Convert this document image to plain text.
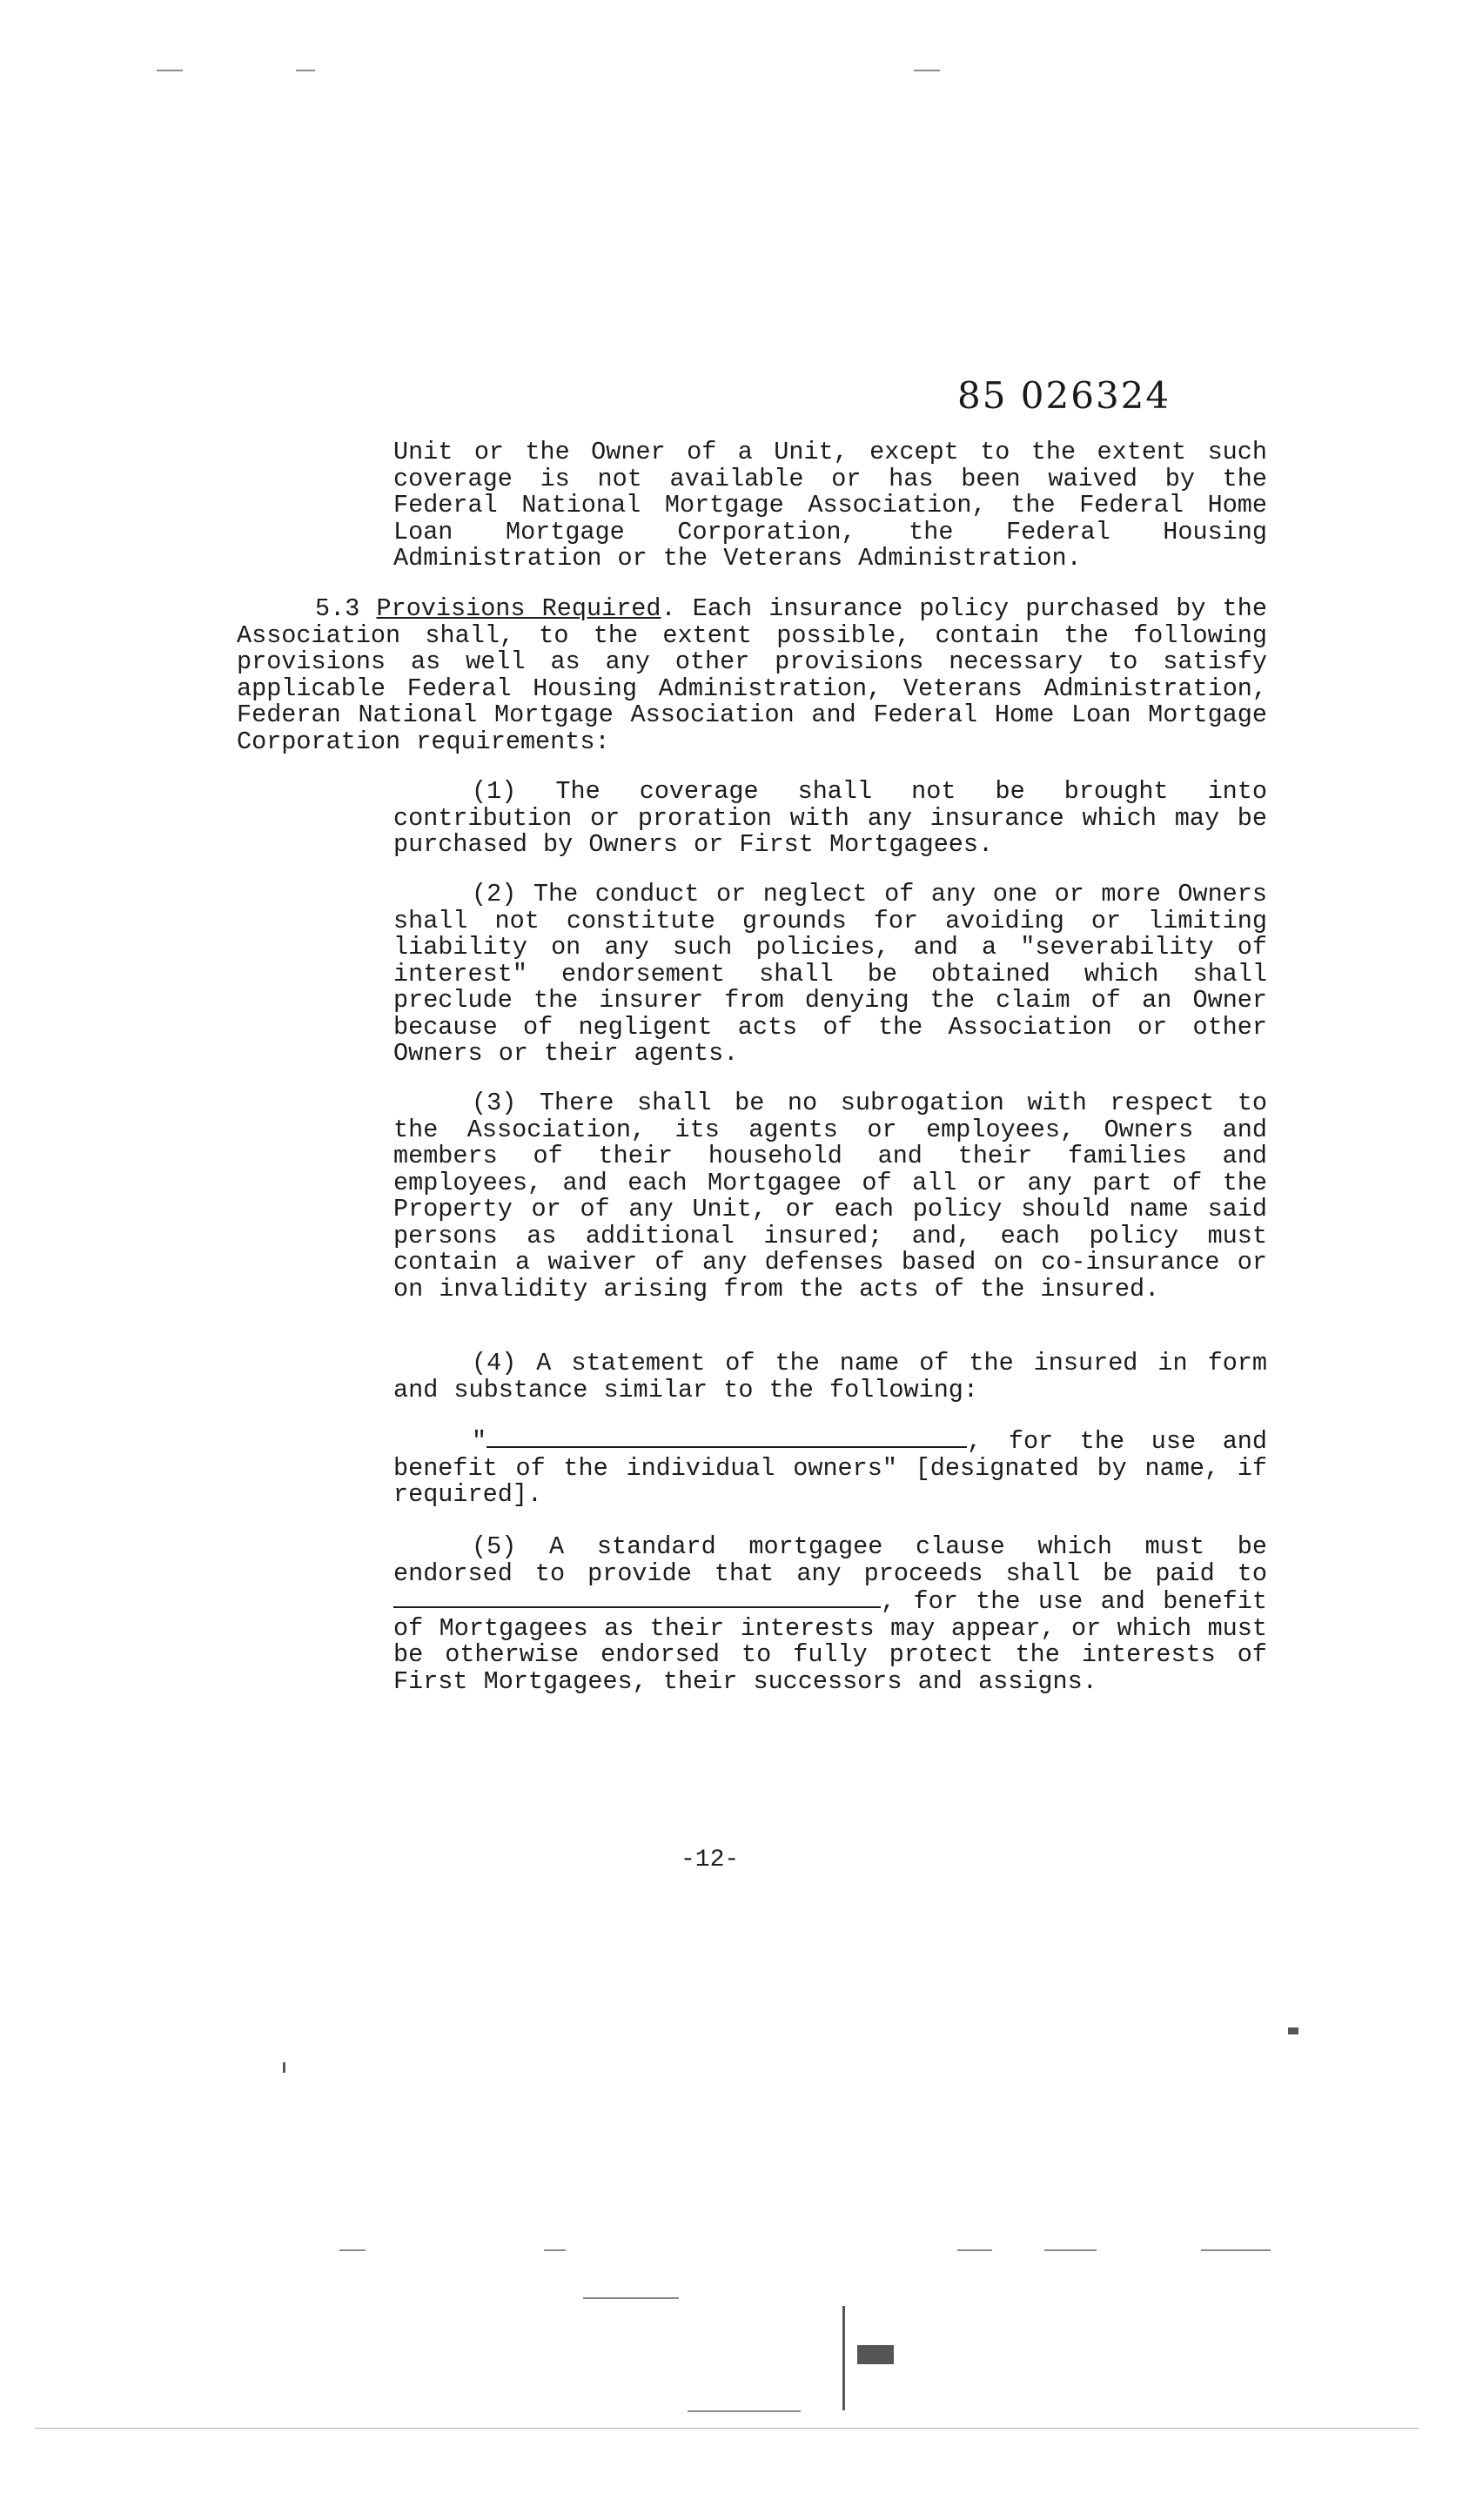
85 026324

Unit or the Owner of a Unit, except to the extent such coverage is not available or has been waived by the Federal National Mortgage Association, the Federal Home Loan Mortgage Corporation, the Federal Housing Administration or the Veterans Administration.

5.3 Provisions Required. Each insurance policy purchased by the Association shall, to the extent possible, contain the following provisions as well as any other provisions necessary to satisfy applicable Federal Housing Administration, Veterans Administration, Federan National Mortgage Association and Federal Home Loan Mortgage Corporation requirements:

(1) The coverage shall not be brought into contribution or proration with any insurance which may be purchased by Owners or First Mortgagees.

(2) The conduct or neglect of any one or more Owners shall not constitute grounds for avoiding or limiting liability on any such policies, and a "severability of interest" endorsement shall be obtained which shall preclude the insurer from denying the claim of an Owner because of negligent acts of the Association or other Owners or their agents.

(3) There shall be no subrogation with respect to the Association, its agents or employees, Owners and members of their household and their families and employees, and each Mortgagee of all or any part of the Property or of any Unit, or each policy should name said persons as additional insured; and, each policy must contain a waiver of any defenses based on co-insurance or on invalidity arising from the acts of the insured.

(4) A statement of the name of the insured in form and substance similar to the following:

"	, for the use and benefit of the individual owners" [designated by name, if required].

(5) A standard mortgagee clause which must be endorsed to provide that any proceeds shall be paid to , for the use and benefit of Mortgagees as their interests may appear, or which must be otherwise endorsed to fully protect the interests of First Mortgagees, their successors and assigns.

-12-
